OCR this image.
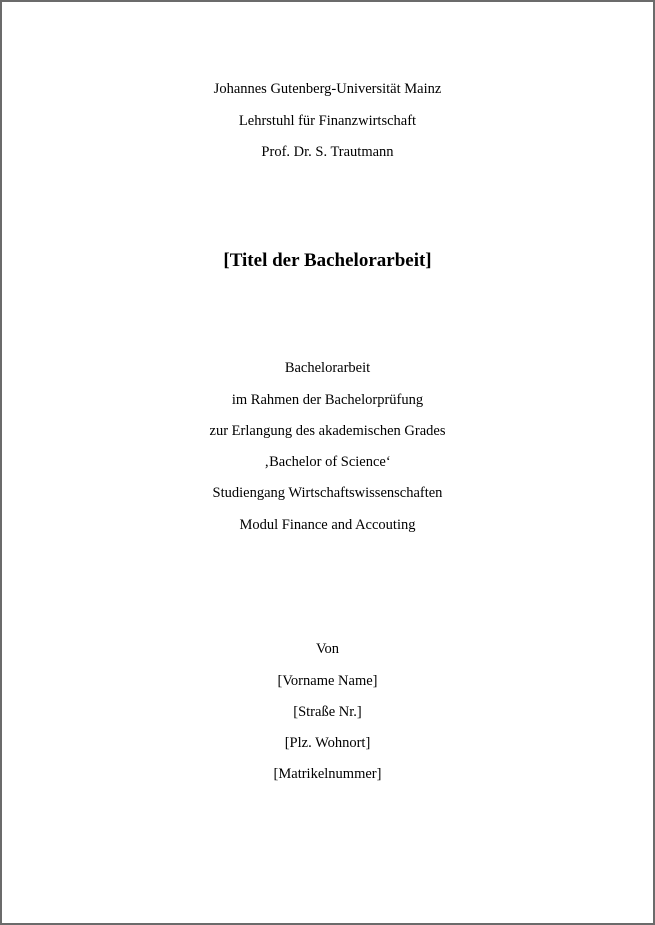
Johannes Gutenberg-Universität Mainz
Lehrstuhl für Finanzwirtschaft
Prof. Dr. S. Trautmann
[Titel der Bachelorarbeit]
Bachelorarbeit
im Rahmen der Bachelorprüfung
zur Erlangung des akademischen Grades
‚Bachelor of Science‘
Studiengang Wirtschaftswissenschaften
Modul Finance and Accouting
Von
[Vorname Name]
[Straße Nr.]
[Plz. Wohnort]
[Matrikelnummer]
